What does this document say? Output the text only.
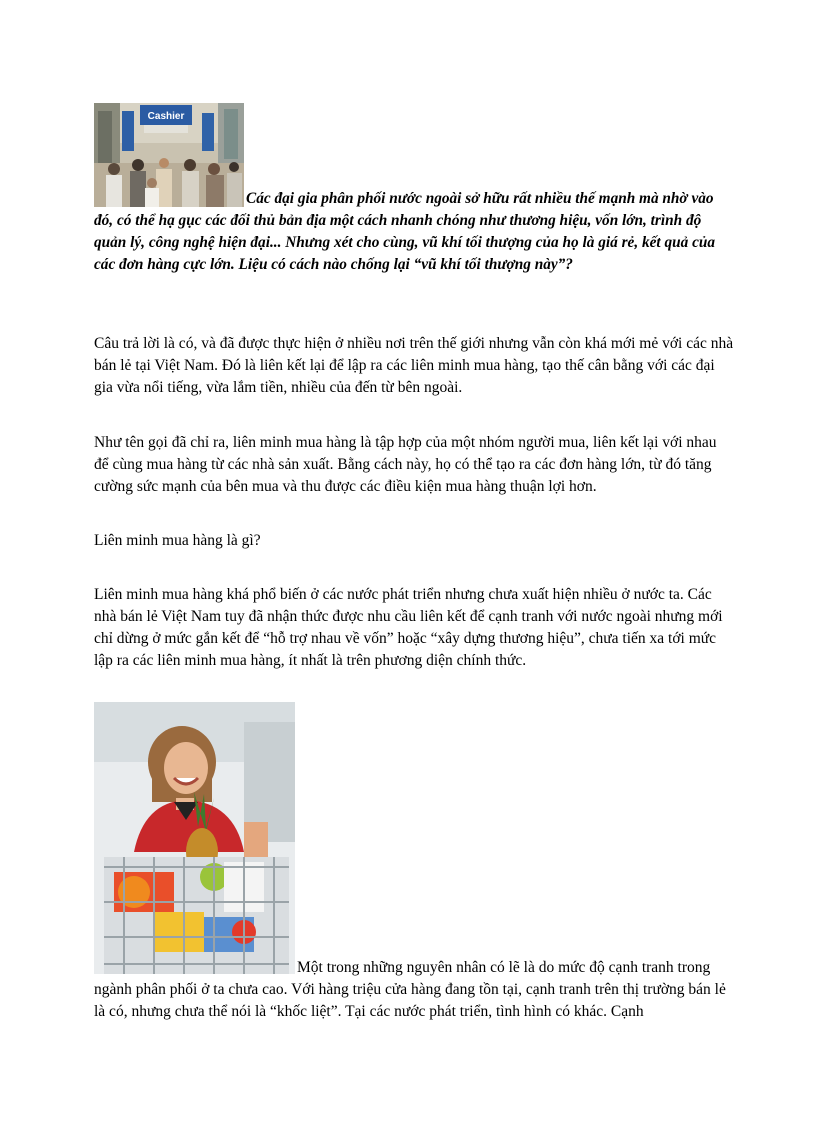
Cashier
Các đại gia phân phối nước ngoài sở hữu rất nhiều thế mạnh mà nhờ vào đó, có thể hạ gục các đối thủ bản địa một cách nhanh chóng như thương hiệu, vốn lớn, trình độ quản lý, công nghệ hiện đại... Nhưng xét cho cùng, vũ khí tối thượng của họ là giá rẻ, kết quả của các đơn hàng cực lớn. Liệu có cách nào chống lại “vũ khí tối thượng này”?
Câu trả lời là có, và đã được thực hiện ở nhiều nơi trên thế giới nhưng vẫn còn khá mới mẻ với các nhà bán lẻ tại Việt Nam. Đó là liên kết lại để lập ra các liên minh mua hàng, tạo thế cân bằng với các đại gia vừa nổi tiếng, vừa lắm tiền, nhiều của đến từ bên ngoài.
Như tên gọi đã chỉ ra, liên minh mua hàng là tập hợp của một nhóm người mua, liên kết lại với nhau để cùng mua hàng từ các nhà sản xuất. Bằng cách này, họ có thể tạo ra các đơn hàng lớn, từ đó tăng cường sức mạnh của bên mua và thu được các điều kiện mua hàng thuận lợi hơn.
Liên minh mua hàng là gì?
Liên minh mua hàng khá phổ biến ở các nước phát triển nhưng chưa xuất hiện nhiều ở nước ta. Các nhà bán lẻ Việt Nam tuy đã nhận thức được nhu cầu liên kết để cạnh tranh với nước ngoài nhưng mới chỉ dừng ở mức gắn kết để “hỗ trợ nhau về vốn” hoặc “xây dựng thương hiệu”, chưa tiến xa tới mức lập ra các liên minh mua hàng, ít nhất là trên phương diện chính thức.
Một trong những nguyên nhân có lẽ là do mức độ cạnh tranh trong ngành phân phối ở ta chưa cao. Với hàng triệu cửa hàng đang tồn tại, cạnh tranh trên thị trường bán lẻ là có, nhưng chưa thể nói là “khốc liệt”. Tại các nước phát triển, tình hình có khác. Cạnh
